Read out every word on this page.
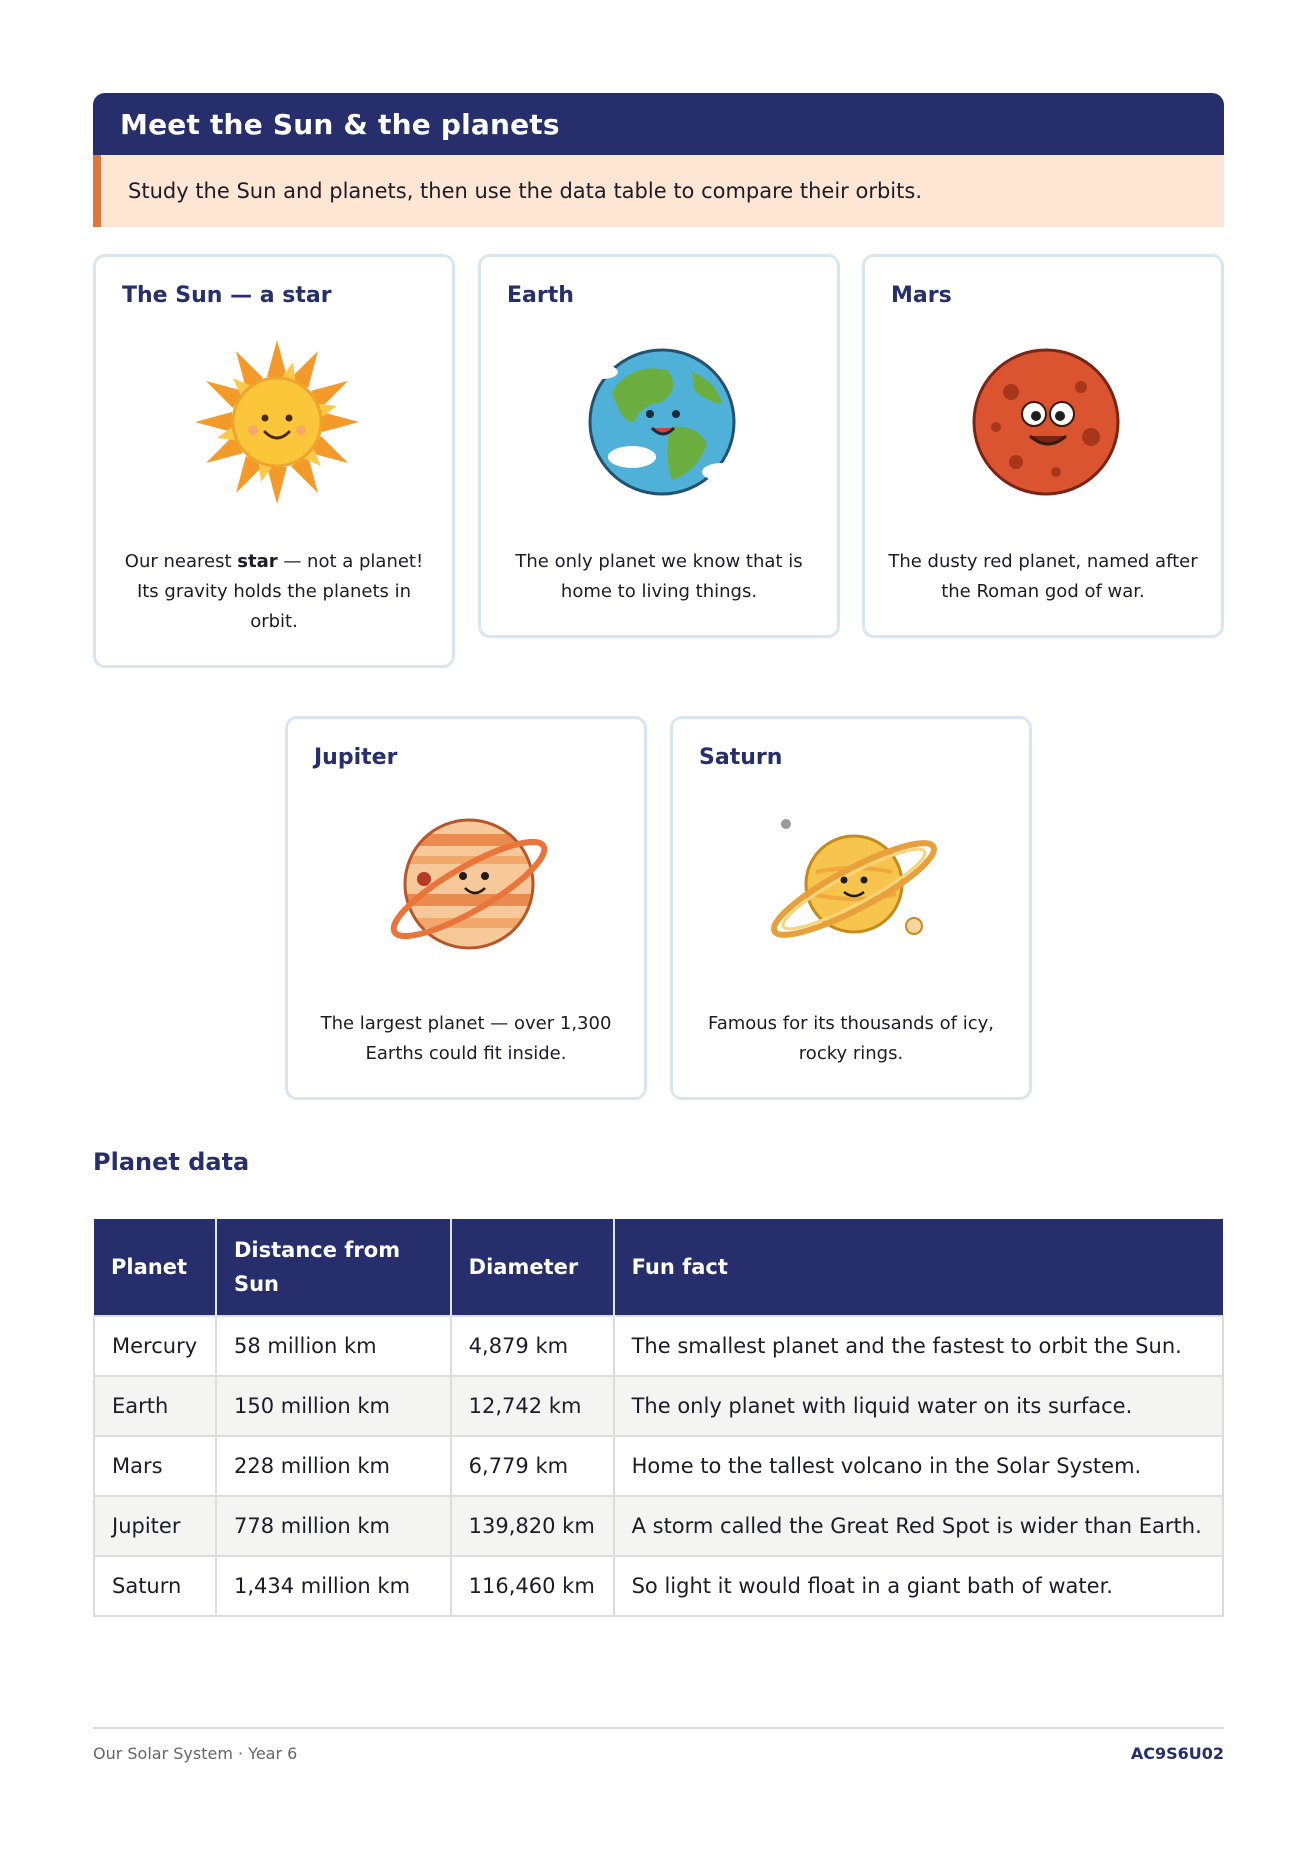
Meet the Sun & the planets
Study the Sun and planets, then use the data table to compare their orbits.
The Sun — a star

Our nearest star — not a planet! Its gravity holds the planets in orbit.

Earth

The only planet we know that is home to living things.

Mars

The dusty red planet, named after the Roman god of war.

Jupiter

The largest planet — over 1,300 Earths could fit inside.

Saturn

Famous for its thousands of icy, rocky rings.

Planet data
Planet	Distance from Sun	Diameter	Fun fact
Mercury	58 million km	4,879 km	The smallest planet and the fastest to orbit the Sun.
Earth	150 million km	12,742 km	The only planet with liquid water on its surface.
Mars	228 million km	6,779 km	Home to the tallest volcano in the Solar System.
Jupiter	778 million km	139,820 km	A storm called the Great Red Spot is wider than Earth.
Saturn	1,434 million km	116,460 km	So light it would float in a giant bath of water.
Our Solar System · Year 6	AC9S6U02
